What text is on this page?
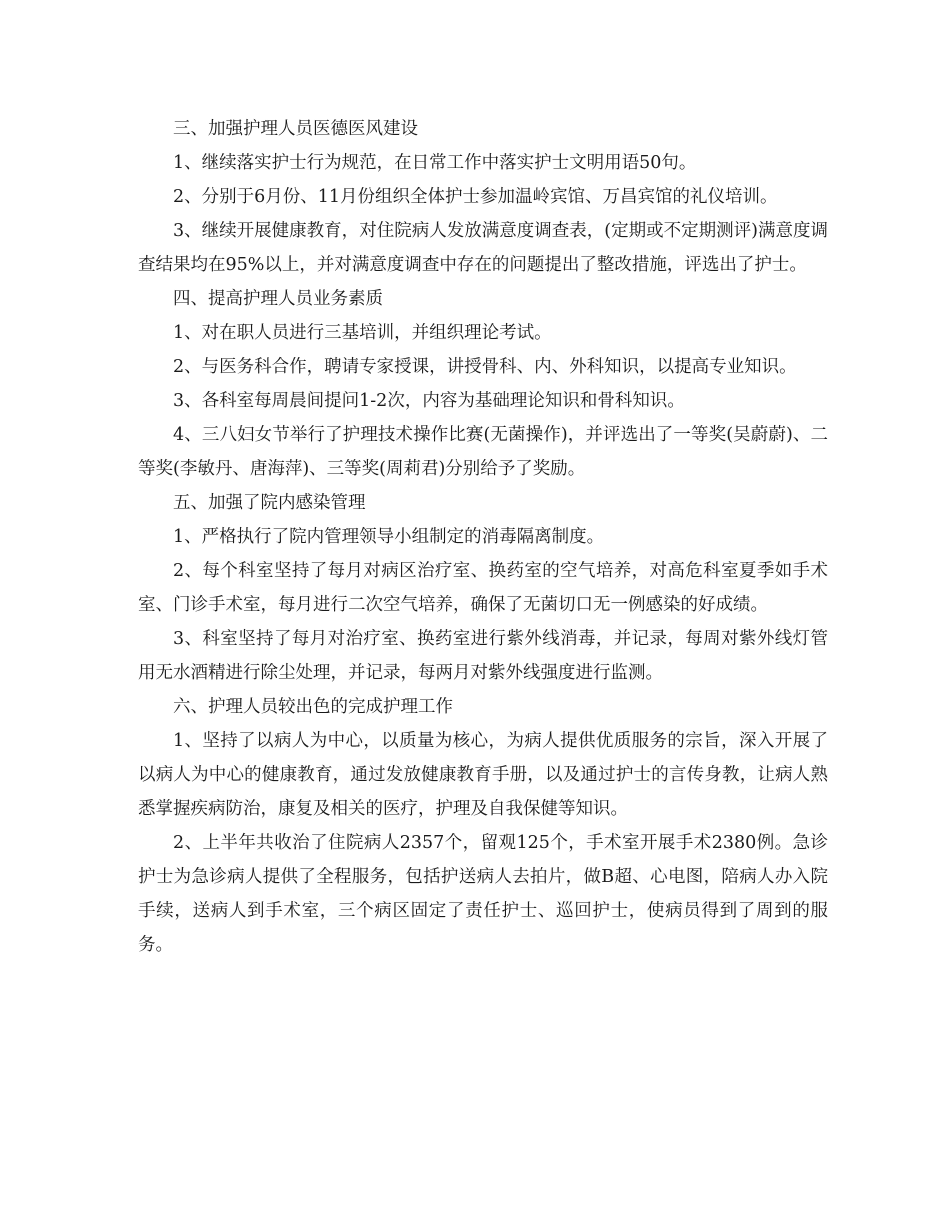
三、加强护理人员医德医风建设

1、继续落实护士行为规范，在日常工作中落实护士文明用语50句。

2、分别于6月份、11月份组织全体护士参加温岭宾馆、万昌宾馆的礼仪培训。

3、继续开展健康教育，对住院病人发放满意度调查表，(定期或不定期测评)满意度调查结果均在95%以上，并对满意度调查中存在的问题提出了整改措施，评选出了护士。

四、提高护理人员业务素质

1、对在职人员进行三基培训，并组织理论考试。

2、与医务科合作，聘请专家授课，讲授骨科、内、外科知识，以提高专业知识。

3、各科室每周晨间提问1-2次，内容为基础理论知识和骨科知识。

4、三八妇女节举行了护理技术操作比赛(无菌操作)，并评选出了一等奖(吴蔚蔚)、二等奖(李敏丹、唐海萍)、三等奖(周莉君)分别给予了奖励。

五、加强了院内感染管理

1、严格执行了院内管理领导小组制定的消毒隔离制度。

2、每个科室坚持了每月对病区治疗室、换药室的空气培养，对高危科室夏季如手术室、门诊手术室，每月进行二次空气培养，确保了无菌切口无一例感染的好成绩。

3、科室坚持了每月对治疗室、换药室进行紫外线消毒，并记录，每周对紫外线灯管用无水酒精进行除尘处理，并记录，每两月对紫外线强度进行监测。

六、护理人员较出色的完成护理工作

1、坚持了以病人为中心，以质量为核心，为病人提供优质服务的宗旨，深入开展了以病人为中心的健康教育，通过发放健康教育手册，以及通过护士的言传身教，让病人熟悉掌握疾病防治，康复及相关的医疗，护理及自我保健等知识。

2、上半年共收治了住院病人2357个，留观125个，手术室开展手术2380例。急诊护士为急诊病人提供了全程服务，包括护送病人去拍片，做B超、心电图，陪病人办入院手续，送病人到手术室，三个病区固定了责任护士、巡回护士，使病员得到了周到的服务。
